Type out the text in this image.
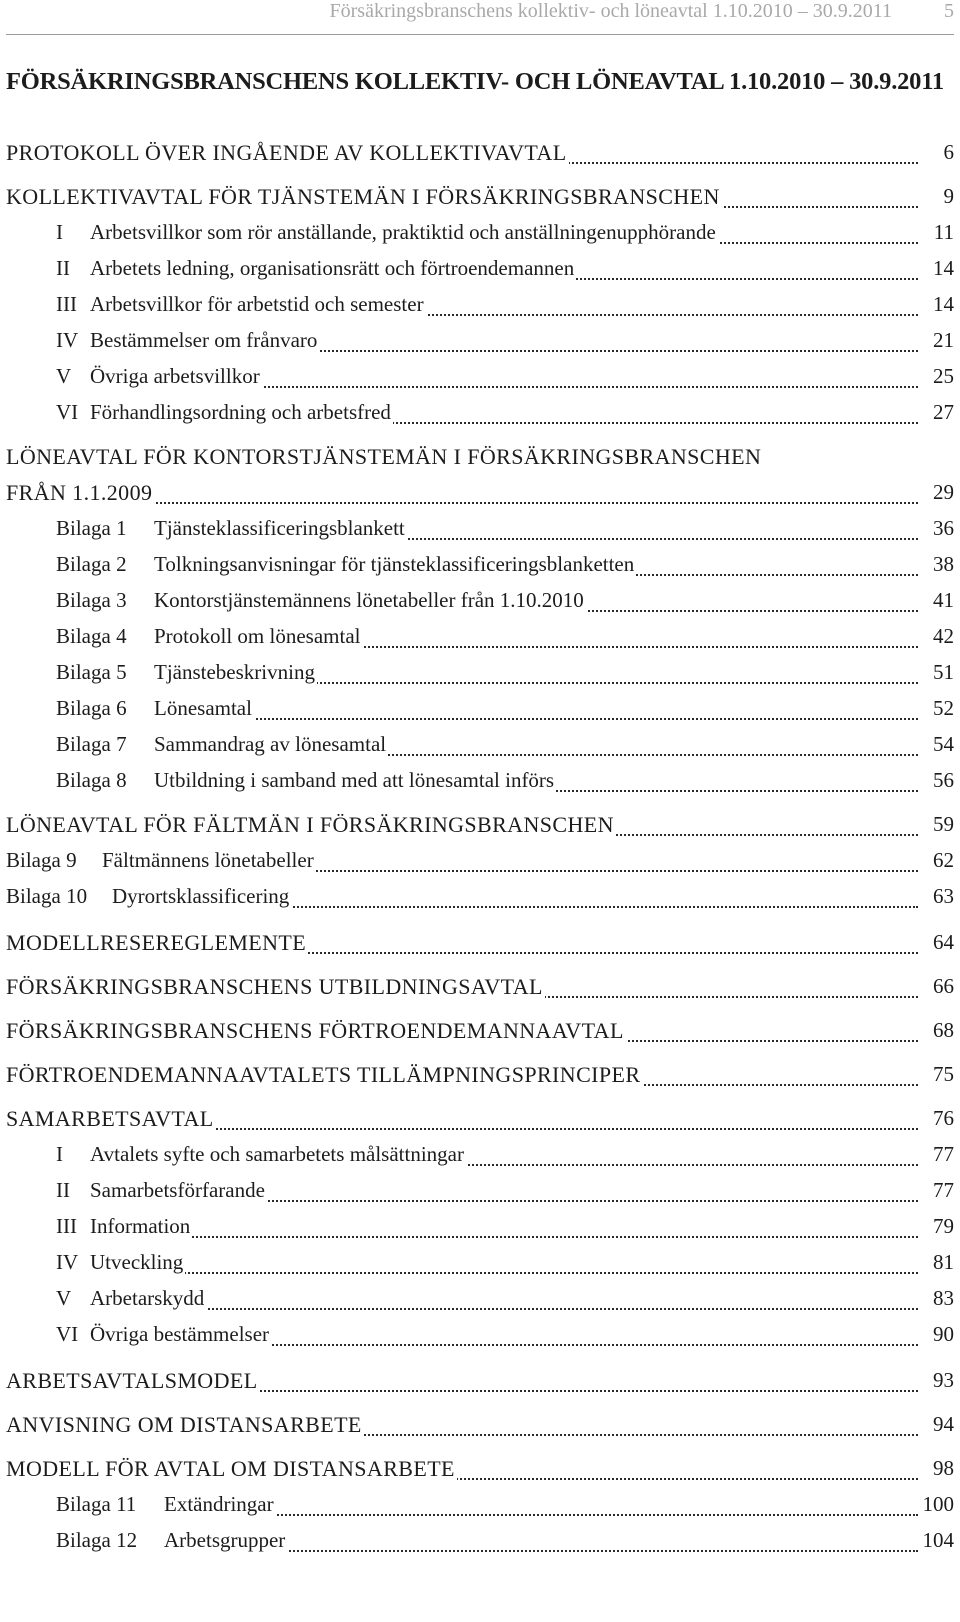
Försäkringsbranschens kollektiv- och löneavtal 1.10.2010 – 30.9.2011	5
FÖRSÄKRINGSBRANSCHENS KOLLEKTIV- OCH LÖNEAVTAL 1.10.2010 – 30.9.2011
PROTOKOLL ÖVER INGÅENDE AV KOLLEKTIVAVTAL	6
KOLLEKTIVAVTAL FÖR TJÄNSTEMÄN I FÖRSÄKRINGSBRANSCHEN	9
I Arbetsvillkor som rör anställande, praktiktid och anställningenupphörande	11
II Arbetets ledning, organisationsrätt och förtroendemannen	14
III Arbetsvillkor för arbetstid och semester	14
IV Bestämmelser om frånvaro	21
V Övriga arbetsvillkor	25
VI Förhandlingsordning och arbetsfred	27
LÖNEAVTAL FÖR KONTORSTJÄNSTEMÄN I FÖRSÄKRINGSBRANSCHEN
FRÅN 1.1.2009	29
Bilaga 1 Tjänsteklassificeringsblankett	36
Bilaga 2 Tolkningsanvisningar för tjänsteklassificeringsblanketten	38
Bilaga 3 Kontorstjänstemännens lönetabeller från 1.10.2010	41
Bilaga 4 Protokoll om lönesamtal	42
Bilaga 5 Tjänstebeskrivning	51
Bilaga 6 Lönesamtal	52
Bilaga 7 Sammandrag av lönesamtal	54
Bilaga 8 Utbildning i samband med att lönesamtal införs	56
LÖNEAVTAL FÖR FÄLTMÄN I FÖRSÄKRINGSBRANSCHEN	59
Bilaga 9 Fältmännens lönetabeller	62
Bilaga 10 Dyrortsklassificering	63
MODELLRESEREGLEMENTE	64
FÖRSÄKRINGSBRANSCHENS UTBILDNINGSAVTAL	66
FÖRSÄKRINGSBRANSCHENS FÖRTROENDEMANNAAVTAL	68
FÖRTROENDEMANNAAVTALETS TILLÄMPNINGSPRINCIPER	75
SAMARBETSAVTAL	76
I Avtalets syfte och samarbetets målsättningar	77
II Samarbetsförfarande	77
III Information	79
IV Utveckling	81
V Arbetarskydd	83
VI Övriga bestämmelser	90
ARBETSAVTALSMODEL	93
ANVISNING OM DISTANSARBETE	94
MODELL FÖR AVTAL OM DISTANSARBETE	98
Bilaga 11 Extändringar	100
Bilaga 12 Arbetsgrupper	104
